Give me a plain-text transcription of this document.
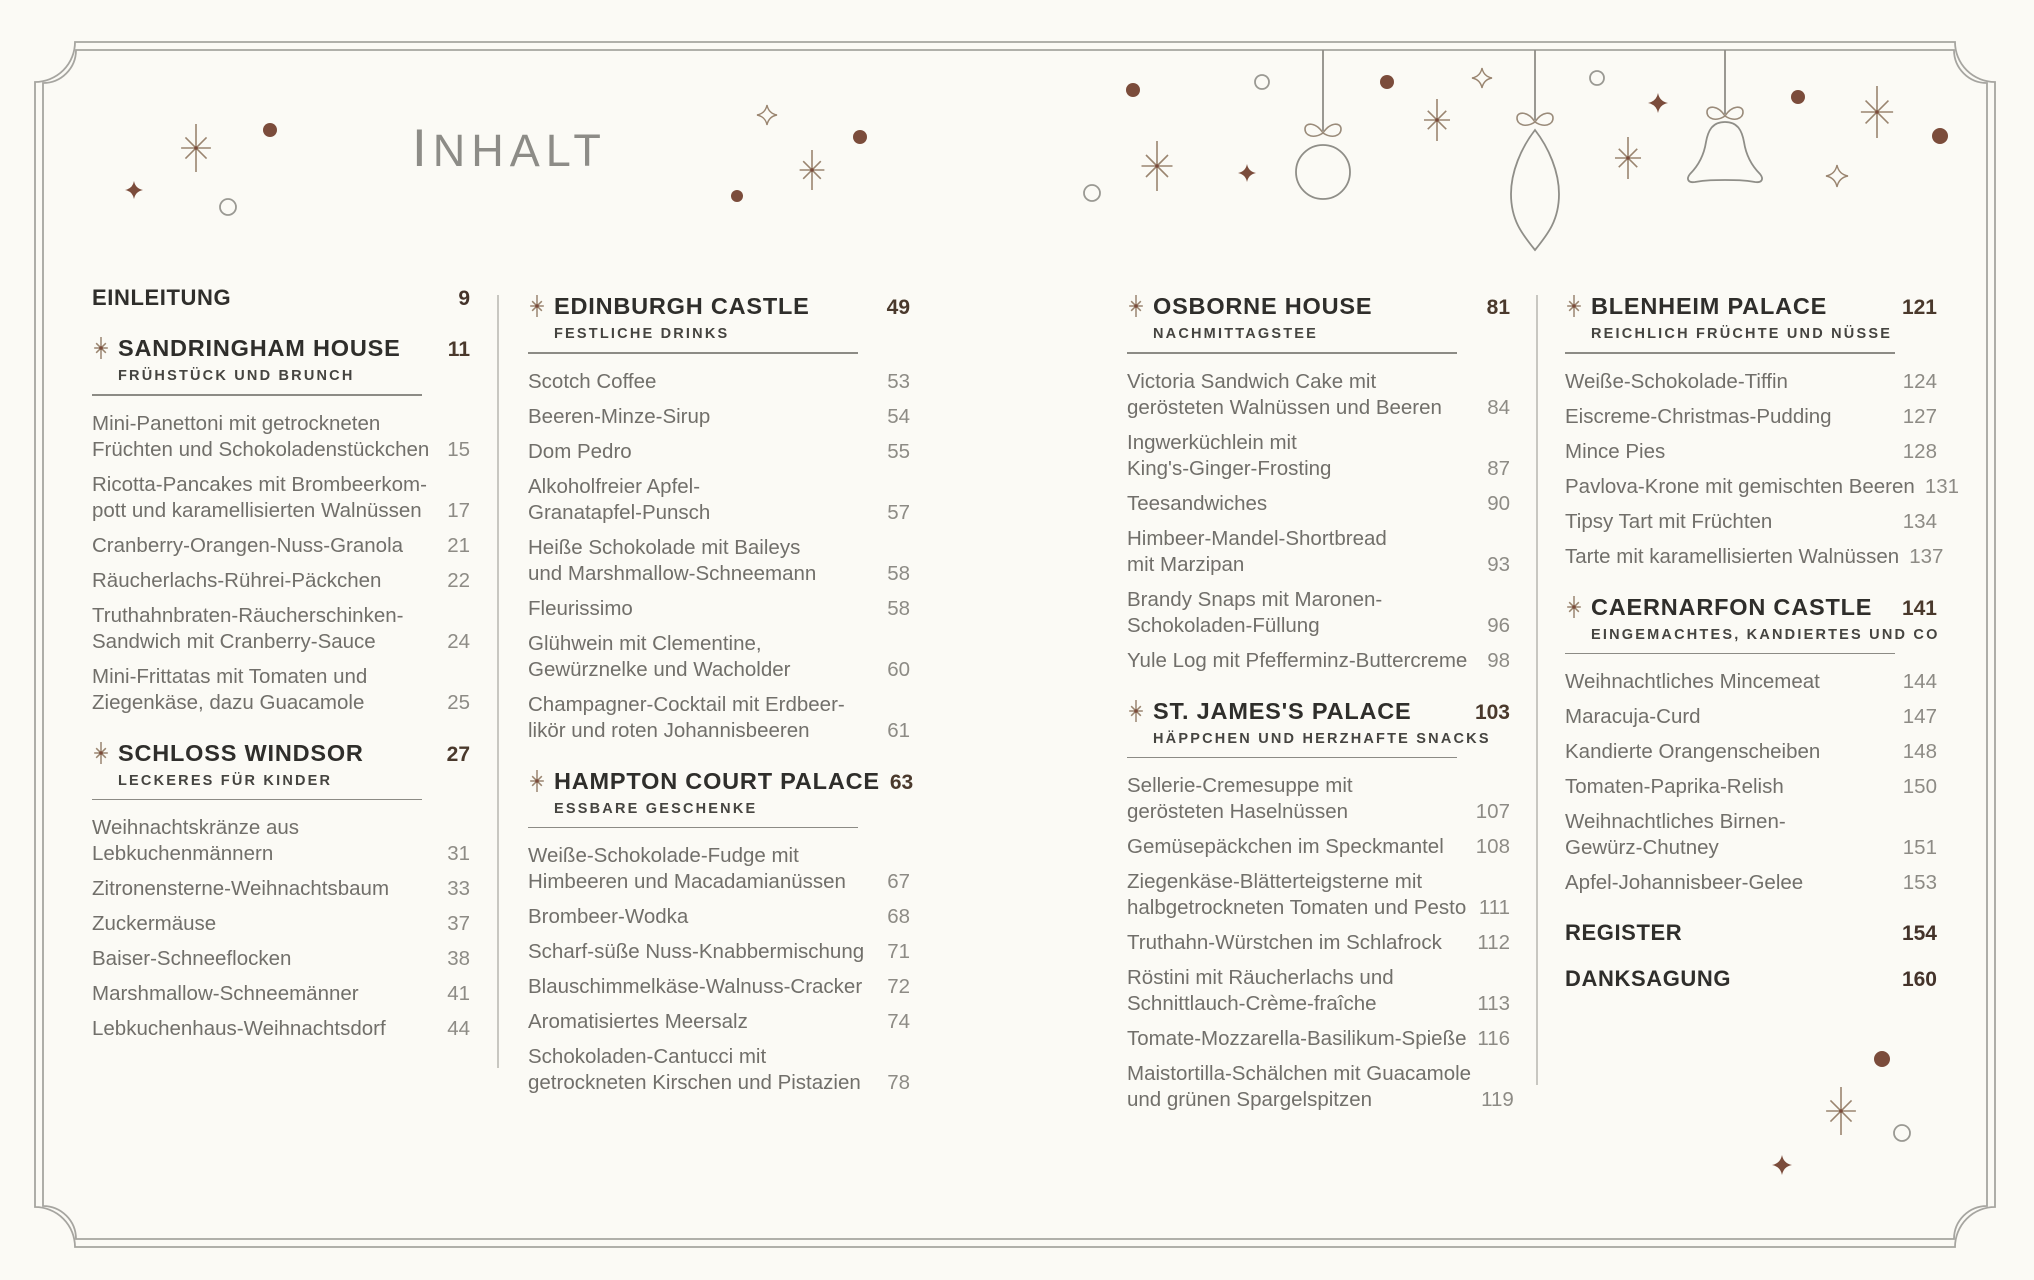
I NHALT
EINLEITUNG	9
SANDRINGHAM HOUSE 11
FRÜHSTÜCK UND BRUNCH
Mini-Panettoni mit getrockneten
Früchten und Schokoladenstückchen 15
Ricotta-Pancakes mit Brombeerkom-
pott und karamellisierten Walnüssen	17
Cranberry-Orangen-Nuss-Granola	21
Räucherlachs-Rührei-Päckchen	22
Truthahnbraten-Räucherschinken-
Sandwich mit Cranberry-Sauce	24
Mini-Frittatas mit Tomaten und
Ziegenkäse, dazu Guacamole	25
SCHLOSS WINDSOR	27
LECKERES FÜR KINDER
Weihnachtskränze aus
Lebkuchenmännern	31
Zitronensterne-Weihnachtsbaum	33
Zuckermäuse	37
Baiser-Schneeflocken	38
Marshmallow-Schneemänner	41
Lebkuchenhaus-Weihnachtsdorf	44
EDINBURGH CASTLE	49
FESTLICHE DRINKS
Scotch Coffee	53
Beeren-Minze-Sirup	54
Dom Pedro	55
Alkoholfreier Apfel-
Granatapfel-Punsch	57
Heiße Schokolade mit Baileys
und Marshmallow-Schneemann	58
Fleurissimo	58
Glühwein mit Clementine,
Gewürznelke und Wacholder	60
Champagner-Cocktail mit Erdbeer-
likör und roten Johannisbeeren	61
HAMPTON COURT PALACE 63
ESSBARE GESCHENKE
Weiße-Schokolade-Fudge mit
Himbeeren und Macadamianüssen	67
Brombeer-Wodka	68
Scharf-süße Nuss-Knabbermischung	71
Blauschimmelkäse-Walnuss-Cracker	72
Aromatisiertes Meersalz	74
Schokoladen-Cantucci mit
getrockneten Kirschen und Pistazien	78
OSBORNE HOUSE	81
NACHMITTAGSTEE
Victoria Sandwich Cake mit
gerösteten Walnüssen und Beeren	84
Ingwerküchlein mit
King's-Ginger-Frosting	87
Teesandwiches	90
Himbeer-Mandel-Shortbread
mit Marzipan	93
Brandy Snaps mit Maronen-
Schokoladen-Füllung	96
Yule Log mit Pfefferminz-Buttercreme 98
ST. JAMES'S PALACE	103
HÄPPCHEN UND HERZHAFTE SNACKS
Sellerie-Cremesuppe mit
gerösteten Haselnüssen	107
Gemüsepäckchen im Speckmantel	108
Ziegenkäse-Blätterteigsterne mit
halbgetrockneten Tomaten und Pesto 111
Truthahn-Würstchen im Schlafrock	112
Röstini mit Räucherlachs und
Schnittlauch-Crème-fraîche	113
Tomate-Mozzarella-Basilikum-Spieße 116
Maistortilla-Schälchen mit Guacamole
und grünen Spargelspitzen	119
BLENHEIM PALACE	121
REICHLICH FRÜCHTE UND NÜSSE
Weiße-Schokolade-Tiffin	124
Eiscreme-Christmas-Pudding	127
Mince Pies	128
Pavlova-Krone mit gemischten Beeren 131
Tipsy Tart mit Früchten	134
Tarte mit karamellisierten Walnüssen 137
CAERNARFON CASTLE 141
EINGEMACHTES, KANDIERTES UND CO
Weihnachtliches Mincemeat	144
Maracuja-Curd	147
Kandierte Orangenscheiben	148
Tomaten-Paprika-Relish	150
Weihnachtliches Birnen-
Gewürz-Chutney	151
Apfel-Johannisbeer-Gelee	153
REGISTER	154
DANKSAGUNG	160
